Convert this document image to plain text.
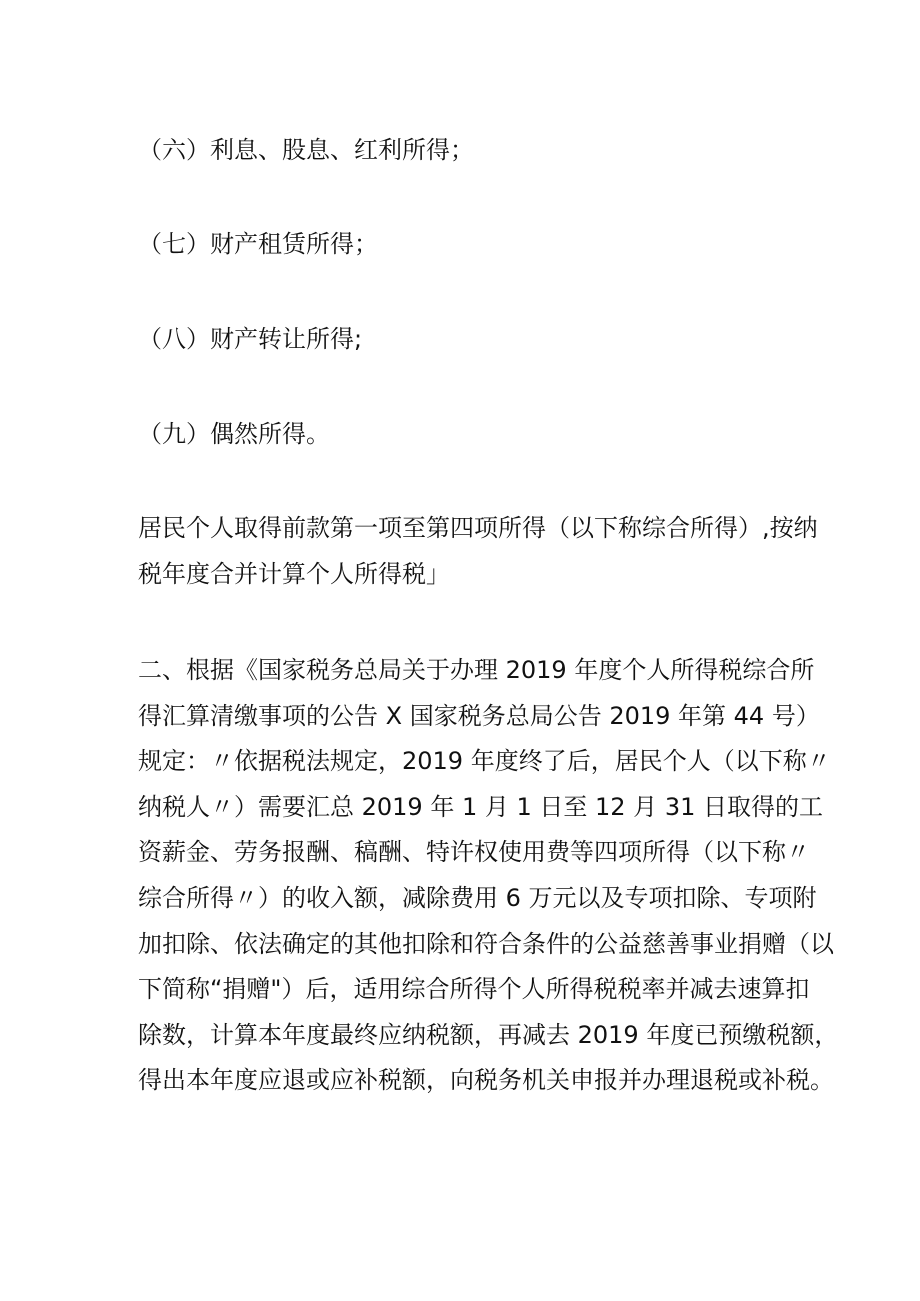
（六）利息、股息、红利所得；
（七）财产租赁所得；
（八）财产转让所得;
（九）偶然所得。

居民个人取得前款第一项至第四项所得（以下称综合所得）,按纳
税年度合并计算个人所得税」

二、根据《国家税务总局关于办理 2019 年度个人所得税综合所
得汇算清缴事项的公告 X 国家税务总局公告 2019 年第 44 号）
规定：〃依据税法规定，2019 年度终了后，居民个人（以下称〃
纳税人〃）需要汇总 2019 年 1 月 1 日至 12 月 31 日取得的工
资薪金、劳务报酬、稿酬、特许权使用费等四项所得（以下称〃
综合所得〃）的收入额，减除费用 6 万元以及专项扣除、专项附
加扣除、依法确定的其他扣除和符合条件的公益慈善事业捐赠（以
下简称“捐赠"）后，适用综合所得个人所得税税率并减去速算扣
除数，计算本年度最终应纳税额，再减去 2019 年度已预缴税额，
得出本年度应退或应补税额，向税务机关申报并办理退税或补税。
